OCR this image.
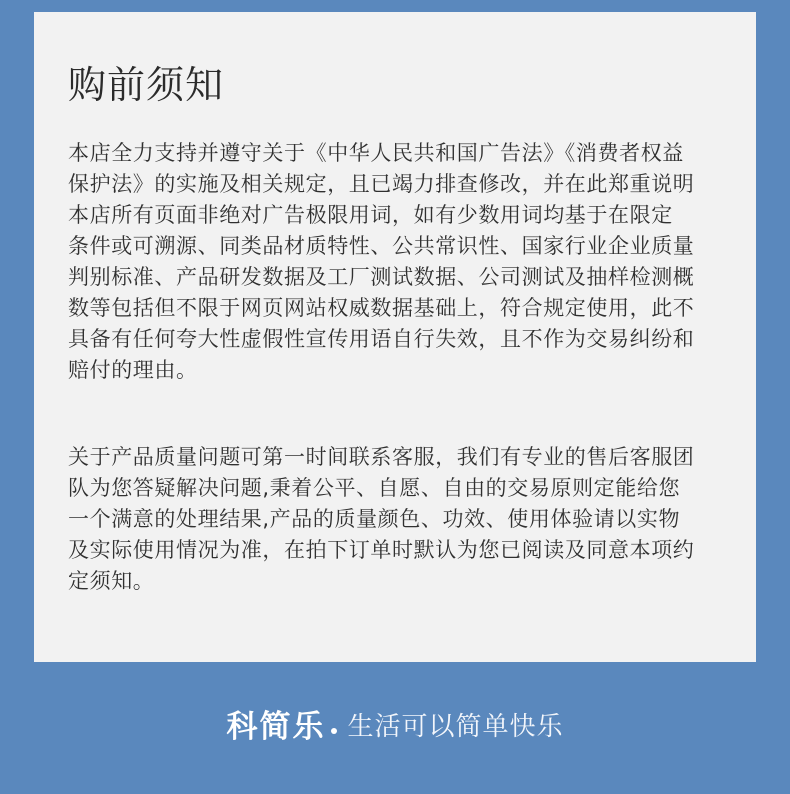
购前须知
本店全力支持并遵守关于《中华人民共和国广告法》《消费者权益
保护法》的实施及相关规定，且已竭力排查修改，并在此郑重说明
本店所有页面非绝对广告极限用词，如有少数用词均基于在限定
条件或可溯源、同类品材质特性、公共常识性、国家行业企业质量
判别标准、产品研发数据及工厂测试数据、公司测试及抽样检测概
数等包括但不限于网页网站权威数据基础上，符合规定使用，此不
具备有任何夸大性虚假性宣传用语自行失效，且不作为交易纠纷和
赔付的理由。
关于产品质量问题可第一时间联系客服，我们有专业的售后客服团
队为您答疑解决问题,秉着公平、自愿、自由的交易原则定能给您
一个满意的处理结果,产品的质量颜色、功效、使用体验请以实物
及实际使用情况为准，在拍下订单时默认为您已阅读及同意本项约
定须知。
科简乐 生活可以简单快乐
